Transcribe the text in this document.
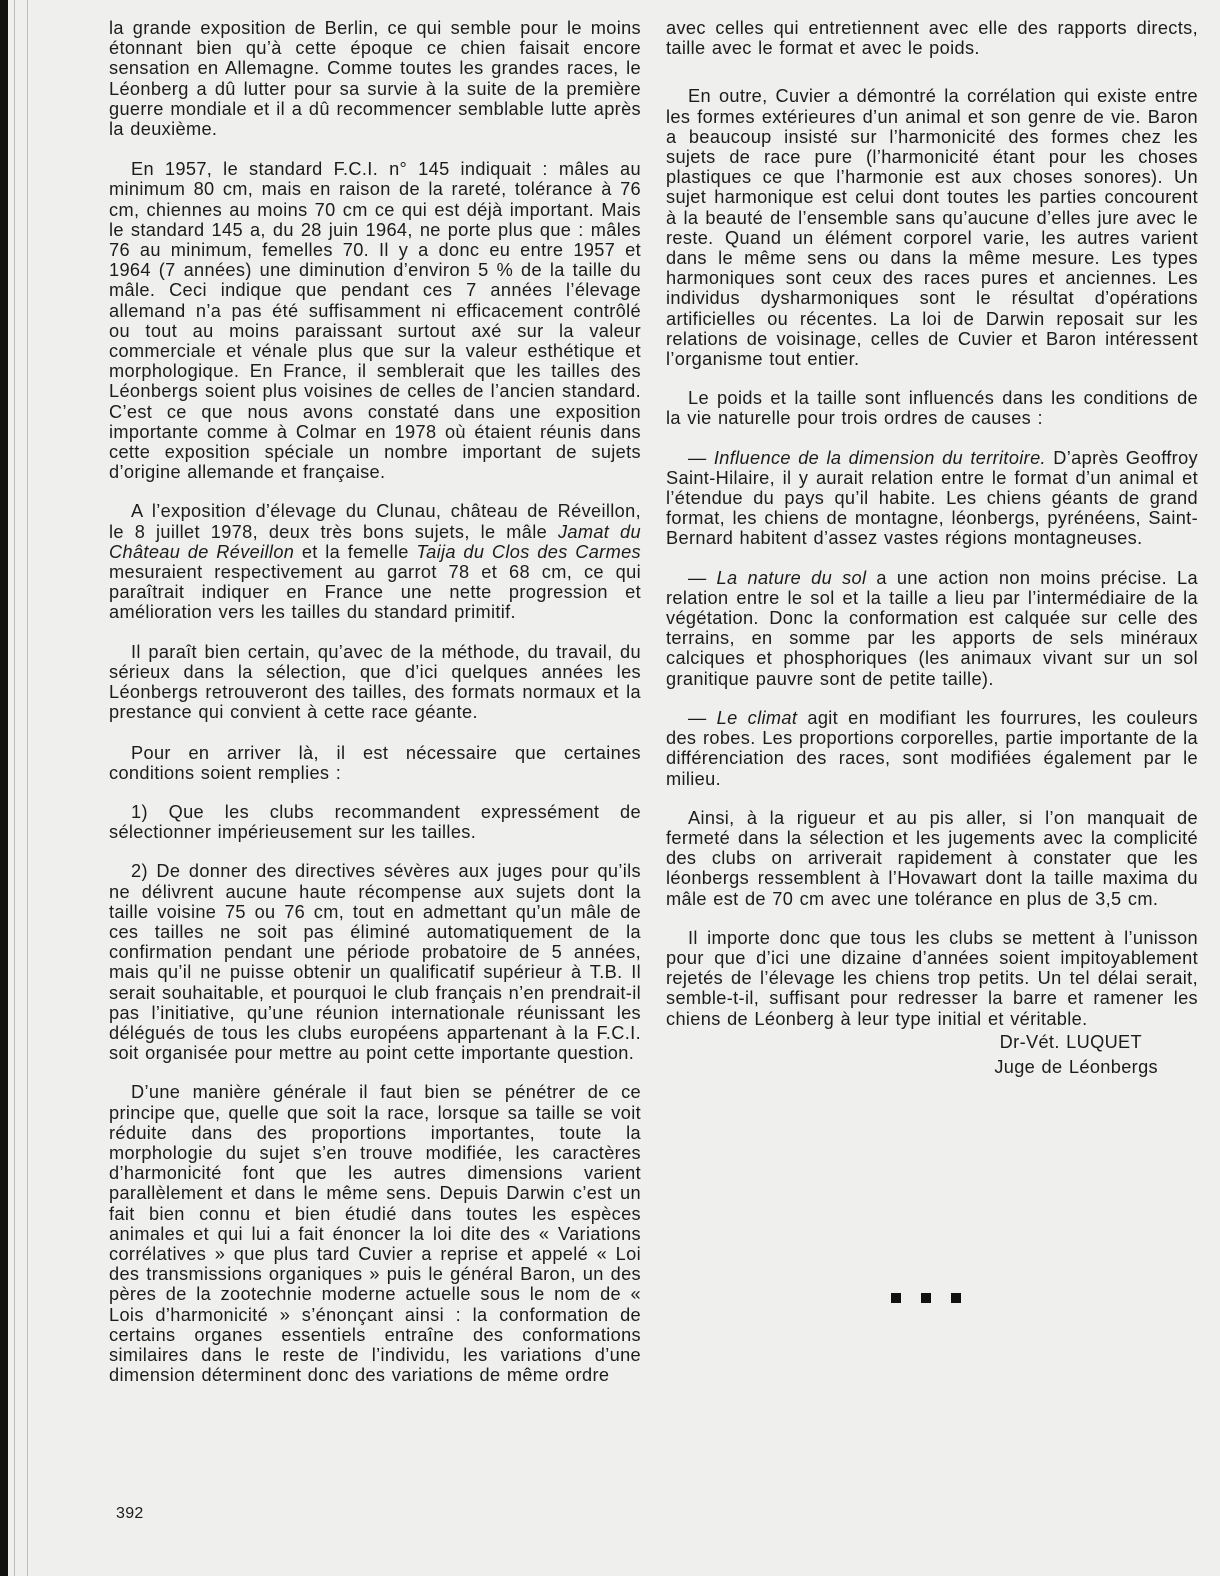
la grande exposition de Berlin, ce qui semble pour le moins étonnant bien qu’à cette époque ce chien faisait encore sensation en Allemagne. Comme toutes les grandes races, le Léonberg a dû lutter pour sa survie à la suite de la première guerre mondiale et il a dû recommencer semblable lutte après la deuxième.

En 1957, le standard F.C.I. n° 145 indiquait : mâles au minimum 80 cm, mais en raison de la rareté, tolérance à 76 cm, chiennes au moins 70 cm ce qui est déjà important. Mais le standard 145 a, du 28 juin 1964, ne porte plus que : mâles 76 au minimum, femelles 70. Il y a donc eu entre 1957 et 1964 (7 années) une diminution d’environ 5 % de la taille du mâle. Ceci indique que pendant ces 7 années l’élevage allemand n’a pas été suffisamment ni efficacement contrôlé ou tout au moins paraissant surtout axé sur la valeur commerciale et vénale plus que sur la valeur esthétique et morphologique. En France, il semblerait que les tailles des Léonbergs soient plus voisines de celles de l’ancien standard. C’est ce que nous avons constaté dans une exposition importante comme à Colmar en 1978 où étaient réunis dans cette exposition spéciale un nombre important de sujets d’origine allemande et française.

A l’exposition d’élevage du Clunau, château de Réveillon, le 8 juillet 1978, deux très bons sujets, le mâle Jamat du Château de Réveillon et la femelle Taija du Clos des Carmes mesuraient respectivement au garrot 78 et 68 cm, ce qui paraîtrait indiquer en France une nette progression et amélioration vers les tailles du standard primitif.

Il paraît bien certain, qu’avec de la méthode, du travail, du sérieux dans la sélection, que d’ici quelques années les Léonbergs retrouveront des tailles, des formats normaux et la prestance qui convient à cette race géante.

Pour en arriver là, il est nécessaire que certaines conditions soient remplies :

1) Que les clubs recommandent expressément de sélectionner impérieusement sur les tailles.

2) De donner des directives sévères aux juges pour qu’ils ne délivrent aucune haute récompense aux sujets dont la taille voisine 75 ou 76 cm, tout en admettant qu’un mâle de ces tailles ne soit pas éliminé automatiquement de la confirmation pendant une période probatoire de 5 années, mais qu’il ne puisse obtenir un qualificatif supérieur à T.B. Il serait souhaitable, et pourquoi le club français n’en prendrait-il pas l’initiative, qu’une réunion internationale réunissant les délégués de tous les clubs européens appartenant à la F.C.I. soit organisée pour mettre au point cette importante question.

D’une manière générale il faut bien se pénétrer de ce principe que, quelle que soit la race, lorsque sa taille se voit réduite dans des proportions importantes, toute la morphologie du sujet s’en trouve modifiée, les caractères d’harmonicité font que les autres dimensions varient parallèlement et dans le même sens. Depuis Darwin c’est un fait bien connu et bien étudié dans toutes les espèces animales et qui lui a fait énoncer la loi dite des « Variations corrélatives » que plus tard Cuvier a reprise et appelé « Loi des transmissions organiques » puis le général Baron, un des pères de la zootechnie moderne actuelle sous le nom de « Lois d’harmonicité » s’énonçant ainsi : la conformation de certains organes essentiels entraîne des conformations similaires dans le reste de l’individu, les variations d’une dimension déterminent donc des variations de même ordre

avec celles qui entretiennent avec elle des rapports directs, taille avec le format et avec le poids.

En outre, Cuvier a démontré la corrélation qui existe entre les formes extérieures d’un animal et son genre de vie. Baron a beaucoup insisté sur l’harmonicité des formes chez les sujets de race pure (l’harmonicité étant pour les choses plastiques ce que l’harmonie est aux choses sonores). Un sujet harmonique est celui dont toutes les parties concourent à la beauté de l’ensemble sans qu’aucune d’elles jure avec le reste. Quand un élément corporel varie, les autres varient dans le même sens ou dans la même mesure. Les types harmoniques sont ceux des races pures et anciennes. Les individus dysharmoniques sont le résultat d’opérations artificielles ou récentes. La loi de Darwin reposait sur les relations de voisinage, celles de Cuvier et Baron intéressent l’organisme tout entier.

Le poids et la taille sont influencés dans les conditions de la vie naturelle pour trois ordres de causes :

— Influence de la dimension du territoire. D’après Geoffroy Saint-Hilaire, il y aurait relation entre le format d’un animal et l’étendue du pays qu’il habite. Les chiens géants de grand format, les chiens de montagne, léonbergs, pyrénéens, Saint-Bernard habitent d’assez vastes régions montagneuses.

— La nature du sol a une action non moins précise. La relation entre le sol et la taille a lieu par l’intermédiaire de la végétation. Donc la conformation est calquée sur celle des terrains, en somme par les apports de sels minéraux calciques et phosphoriques (les animaux vivant sur un sol granitique pauvre sont de petite taille).

— Le climat agit en modifiant les fourrures, les couleurs des robes. Les proportions corporelles, partie importante de la différenciation des races, sont modifiées également par le milieu.

Ainsi, à la rigueur et au pis aller, si l’on manquait de fermeté dans la sélection et les jugements avec la complicité des clubs on arriverait rapidement à constater que les léonbergs ressemblent à l’Hovawart dont la taille maxima du mâle est de 70 cm avec une tolérance en plus de 3,5 cm.

Il importe donc que tous les clubs se mettent à l’unisson pour que d’ici une dizaine d’années soient impitoyablement rejetés de l’élevage les chiens trop petits. Un tel délai serait, semble-t-il, suffisant pour redresser la barre et ramener les chiens de Léonberg à leur type initial et véritable.

Dr-Vét. LUQUET

Juge de Léonbergs

392
